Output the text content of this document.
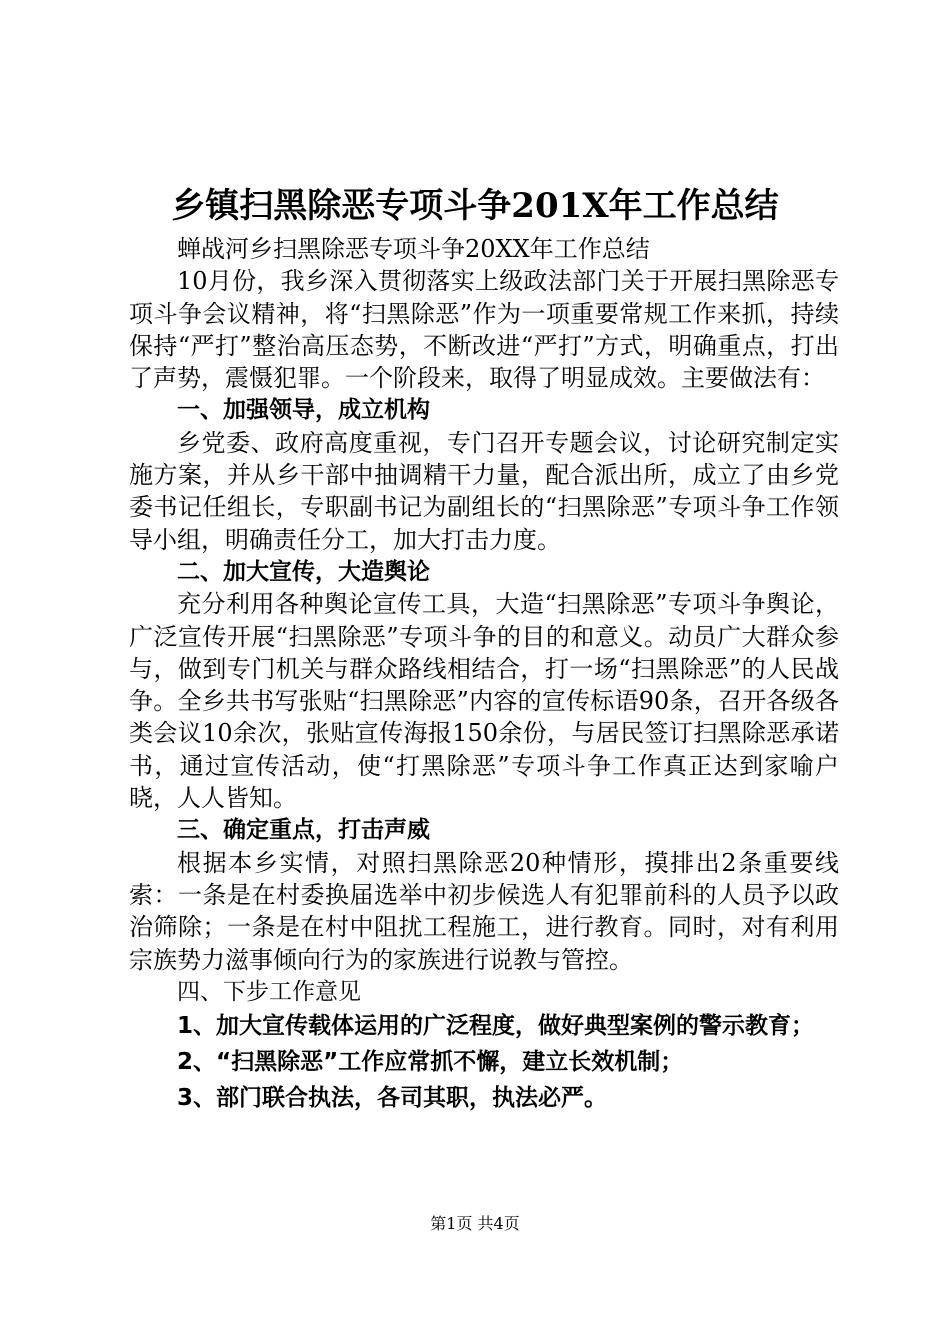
乡镇扫黑除恶专项斗争201X年工作总结

蝉战河乡扫黑除恶专项斗争20XX年工作总结

10月份，我乡深入贯彻落实上级政法部门关于开展扫黑除恶专项斗争会议精神，将“扫黑除恶”作为一项重要常规工作来抓，持续保持“严打”整治高压态势，不断改进“严打”方式，明确重点，打出了声势，震慑犯罪。一个阶段来，取得了明显成效。主要做法有：

一、加强领导，成立机构

乡党委、政府高度重视，专门召开专题会议，讨论研究制定实施方案，并从乡干部中抽调精干力量，配合派出所，成立了由乡党委书记任组长，专职副书记为副组长的“扫黑除恶”专项斗争工作领导小组，明确责任分工，加大打击力度。

二、加大宣传，大造舆论

充分利用各种舆论宣传工具，大造“扫黑除恶”专项斗争舆论，广泛宣传开展“扫黑除恶”专项斗争的目的和意义。动员广大群众参与，做到专门机关与群众路线相结合，打一场“扫黑除恶”的人民战争。全乡共书写张贴“扫黑除恶”内容的宣传标语90条，召开各级各类会议10余次，张贴宣传海报150余份，与居民签订扫黑除恶承诺书，通过宣传活动，使“打黑除恶”专项斗争工作真正达到家喻户晓，人人皆知。

三、确定重点，打击声威

根据本乡实情，对照扫黑除恶20种情形，摸排出2条重要线索：一条是在村委换届选举中初步候选人有犯罪前科的人员予以政治筛除；一条是在村中阻扰工程施工，进行教育。同时，对有利用宗族势力滋事倾向行为的家族进行说教与管控。

四、下步工作意见

1、加大宣传载体运用的广泛程度，做好典型案例的警示教育；

2、“扫黑除恶”工作应常抓不懈，建立长效机制；

3、部门联合执法，各司其职，执法必严。

第1页 共4页
